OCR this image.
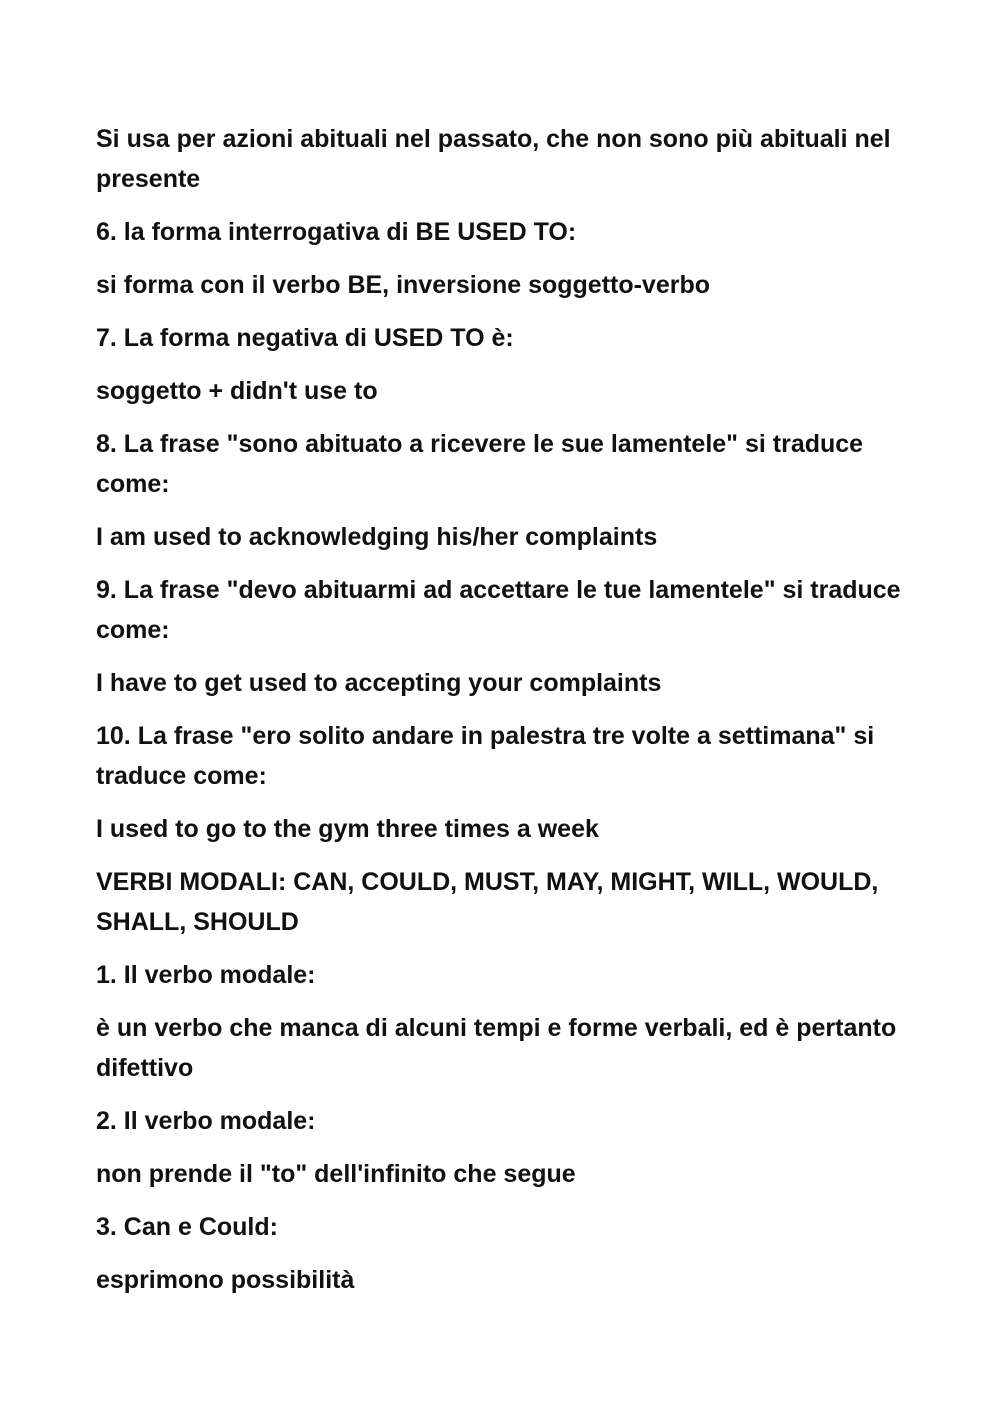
Si usa per azioni abituali nel passato, che non sono più abituali nel presente

6. la forma interrogativa di BE USED TO:

si forma con il verbo BE, inversione soggetto-verbo

7. La forma negativa di USED TO è:

soggetto + didn't use to

8. La frase "sono abituato a ricevere le sue lamentele" si traduce come:

I am used to acknowledging his/her complaints

9. La frase "devo abituarmi ad accettare le tue lamentele" si traduce come:

I have to get used to accepting your complaints

10. La frase "ero solito andare in palestra tre volte a settimana" si traduce come:

I used to go to the gym three times a week

VERBI MODALI: CAN, COULD, MUST, MAY, MIGHT, WILL, WOULD, SHALL, SHOULD

1. Il verbo modale:

è un verbo che manca di alcuni tempi e forme verbali, ed è pertanto difettivo

2. Il verbo modale:

non prende il "to" dell'infinito che segue

3. Can e Could:

esprimono possibilità
